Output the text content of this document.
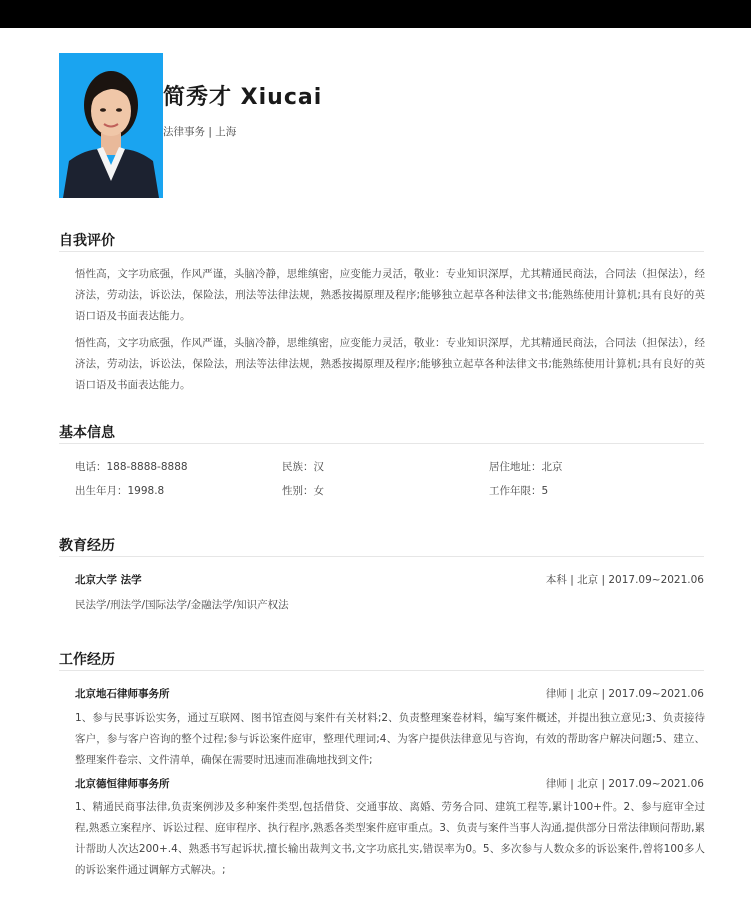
简秀才 Xiucai
法律事务 | 上海
自我评价
悟性高，文字功底强，作风严谨，头脑冷静，思维缜密，应变能力灵活，敬业：专业知识深厚，尤其精通民商法，合同法（担保法），经济法，劳动法，诉讼法，保险法，刑法等法律法规，熟悉按揭原理及程序;能够独立起草各种法律文书;能熟练使用计算机;具有良好的英语口语及书面表达能力。
悟性高，文字功底强，作风严谨，头脑冷静，思维缜密，应变能力灵活，敬业：专业知识深厚，尤其精通民商法，合同法（担保法），经济法，劳动法，诉讼法，保险法，刑法等法律法规，熟悉按揭原理及程序;能够独立起草各种法律文书;能熟练使用计算机;具有良好的英语口语及书面表达能力。
基本信息
电话：188-8888-8888	民族：汉	居住地址：北京
出生年月：1998.8	性别：女	工作年限：5
教育经历
北京大学 法学	本科 | 北京 | 2017.09~2021.06
民法学/刑法学/国际法学/金融法学/知识产权法
工作经历
北京地石律师事务所	律师 | 北京 | 2017.09~2021.06
1、参与民事诉讼实务，通过互联网、图书馆查阅与案件有关材料;2、负责整理案卷材料，编写案件概述，并提出独立意见;3、负责接待客户，参与客户咨询的整个过程;参与诉讼案件庭审，整理代理词;4、为客户提供法律意见与咨询，有效的帮助客户解决问题;5、建立、整理案件卷宗、文件清单，确保在需要时迅速而准确地找到文件;
北京德恒律师事务所	律师 | 北京 | 2017.09~2021.06
1、精通民商事法律,负责案例涉及多种案件类型,包括借贷、交通事故、离婚、劳务合同、建筑工程等,累计100+件。2、参与庭审全过程,熟悉立案程序、诉讼过程、庭审程序、执行程序,熟悉各类型案件庭审重点。3、负责与案件当事人沟通,提供部分日常法律顾问帮助,累计帮助人次达200+.4、熟悉书写起诉状,擅长输出裁判文书,文字功底扎实,错误率为0。5、多次参与人数众多的诉讼案件,曾将100多人的诉讼案件通过调解方式解决。;
